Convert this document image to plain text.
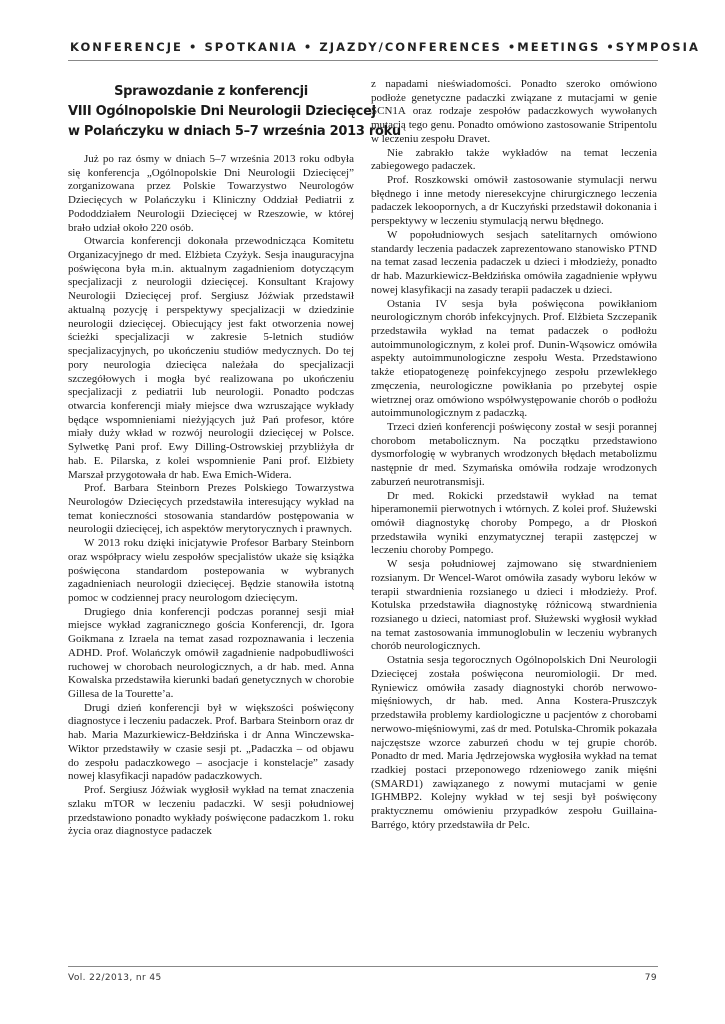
KONFERENCJE • SPOTKANIA • ZJAZDY/CONFERENCES •MEETINGS •SYMPOSIA
Sprawozdanie z konferencji
VIII Ogólnopolskie Dni Neurologii Dziecięcej
w Polańczyku w dniach 5–7 września 2013 roku

Już po raz ósmy w dniach 5–7 września 2013 roku odbyła się konferencja „Ogólnopolskie Dni Neurologii Dziecięcej” zorganizowana przez Polskie Towarzystwo Neurologów Dziecięcych w Polańczyku i Kliniczny Oddział Pediatrii z Pododdziałem Neurologii Dziecięcej w Rzeszowie, w której brało udział około 220 osób.

Otwarcia konferencji dokonała przewodnicząca Komitetu Organizacyjnego dr med. Elżbieta Czyżyk. Sesja inauguracyjna poświęcona była m.in. aktualnym zagadnieniom dotyczącym specjalizacji z neurologii dziecięcej. Konsultant Krajowy Neurologii Dziecięcej prof. Sergiusz Jóźwiak przedstawił aktualną pozycję i perspektywy specjalizacji w dziedzinie neurologii dziecięcej. Obiecujący jest fakt otworzenia nowej ścieżki specjalizacji w zakresie 5-letnich studiów specjalizacyjnych, po ukończeniu studiów medycznych. Do tej pory neurologia dziecięca należała do specjalizacji szczegółowych i mogła być realizowana po ukończeniu specjalizacji z pediatrii lub neurologii. Ponadto podczas otwarcia konferencji miały miejsce dwa wzruszające wykłady będące wspomnieniami nieżyjących już Pań profesor, które miały duży wkład w rozwój neurologii dziecięcej w Polsce. Sylwetkę Pani prof. Ewy Dilling-Ostrowskiej przybliżyła dr hab. E. Pilarska, z kolei wspomnienie Pani prof. Elżbiety Marszał przygotowała dr hab. Ewa Emich-Widera.

Prof. Barbara Steinborn Prezes Polskiego Towarzystwa Neurologów Dziecięcych przedstawiła interesujący wykład na temat konieczności stosowania standardów postępowania w neurologii dziecięcej, ich aspektów merytorycznych i prawnych.

W 2013 roku dzięki inicjatywie Profesor Barbary Steinborn oraz współpracy wielu zespołów specjalistów ukaże się książka poświęcona standardom postepowania w wybranych zagadnieniach neurologii dziecięcej. Będzie stanowiła istotną pomoc w codziennej pracy neurologom dziecięcym.

Drugiego dnia konferencji podczas porannej sesji miał miejsce wykład zagranicznego gościa Konferencji, dr. Igora Goikmana z Izraela na temat zasad rozpoznawania i leczenia ADHD. Prof. Wolańczyk omówił zagadnienie nadpobudliwości ruchowej w chorobach neurologicznych, a dr hab. med. Anna Kowalska przedstawiła kierunki badań genetycznych w chorobie Gillesa de la Tourette’a.

Drugi dzień konferencji był w większości poświęcony diagnostyce i leczeniu padaczek. Prof. Barbara Steinborn oraz dr hab. Maria Mazurkiewicz-Bełdzińska i dr Anna Winczewska-Wiktor przedstawiły w czasie sesji pt. „Padaczka – od objawu do zespołu padaczkowego – asocjacje i konstelacje” zasady nowej klasyfikacji napadów padaczkowych.

Prof. Sergiusz Jóźwiak wygłosił wykład na temat znaczenia szlaku mTOR w leczeniu padaczki. W sesji południowej przedstawiono ponadto wykłady poświęcone padaczkom 1. roku życia oraz diagnostyce padaczek

z napadami nieświadomości. Ponadto szeroko omówiono podłoże genetyczne padaczki związane z mutacjami w genie SCN1A oraz rodzaje zespołów padaczkowych wywołanych mutacją tego genu. Ponadto omówiono zastosowanie Stripentolu w leczeniu zespołu Dravet.

Nie zabrakło także wykładów na temat leczenia zabiegowego padaczek.

Prof. Roszkowski omówił zastosowanie stymulacji nerwu błędnego i inne metody nieresekcyjne chirurgicznego leczenia padaczek lekoopornych, a dr Kuczyński przedstawił dokonania i perspektywy w leczeniu stymulacją nerwu błędnego.

W popołudniowych sesjach satelitarnych omówiono standardy leczenia padaczek zaprezentowano stanowisko PTND na temat zasad leczenia padaczek u dzieci i młodzieży, ponadto dr hab. Mazurkiewicz-Bełdzińska omówiła zagadnienie wpływu nowej klasyfikacji na zasady terapii padaczek u dzieci.

Ostania IV sesja była poświęcona powikłaniom neurologicznym chorób infekcyjnych. Prof. Elżbieta Szczepanik przedstawiła wykład na temat padaczek o podłożu autoimmunologicznym, z kolei prof. Dunin-Wąsowicz omówiła aspekty autoimmunologiczne zespołu Westa. Przedstawiono także etiopatogenezę poinfekcyjnego zespołu przewlekłego zmęczenia, neurologiczne powikłania po przebytej ospie wietrznej oraz omówiono współwystępowanie chorób o podłożu autoimmunologicznym z padaczką.

Trzeci dzień konferencji poświęcony został w sesji porannej chorobom metabolicznym. Na początku przedstawiono dysmorfologię w wybranych wrodzonych błędach metabolizmu następnie dr med. Szymańska omówiła rodzaje wrodzonych zaburzeń neurotransmisji.

Dr med. Rokicki przedstawił wykład na temat hiperamonemii pierwotnych i wtórnych. Z kolei prof. Służewski omówił diagnostykę choroby Pompego, a dr Płoskoń przedstawiła wyniki enzymatycznej terapii zastępczej w leczeniu choroby Pompego.

W sesja południowej zajmowano się stwardnieniem rozsianym. Dr Wencel-Warot omówiła zasady wyboru leków w terapii stwardnienia rozsianego u dzieci i młodzieży. Prof. Kotulska przedstawiła diagnostykę różnicową stwardnienia rozsianego u dzieci, natomiast prof. Służewski wygłosił wykład na temat zastosowania immunoglobulin w leczeniu wybranych chorób neurologicznych.

Ostatnia sesja tegorocznych Ogólnopolskich Dni Neurologii Dziecięcej została poświęcona neuromiologii. Dr med. Ryniewicz omówiła zasady diagnostyki chorób nerwowo-mięśniowych, dr hab. med. Anna Kostera-Pruszczyk przedstawiła problemy kardiologiczne u pacjentów z chorobami nerwowo-mięśniowymi, zaś dr med. Potulska-Chromik pokazała najczęstsze wzorce zaburzeń chodu w tej grupie chorób. Ponadto dr med. Maria Jędrzejowska wygłosiła wykład na temat rzadkiej postaci przeponowego rdzeniowego zanik mięśni (SMARD1) zawiązanego z nowymi mutacjami w genie IGHMBP2. Kolejny wykład w tej sesji był poświęcony praktycznemu omówieniu przypadków zespołu Guillaina-Barrégo, który przedstawiła dr Pelc.

Vol. 22/2013, nr 45	79
